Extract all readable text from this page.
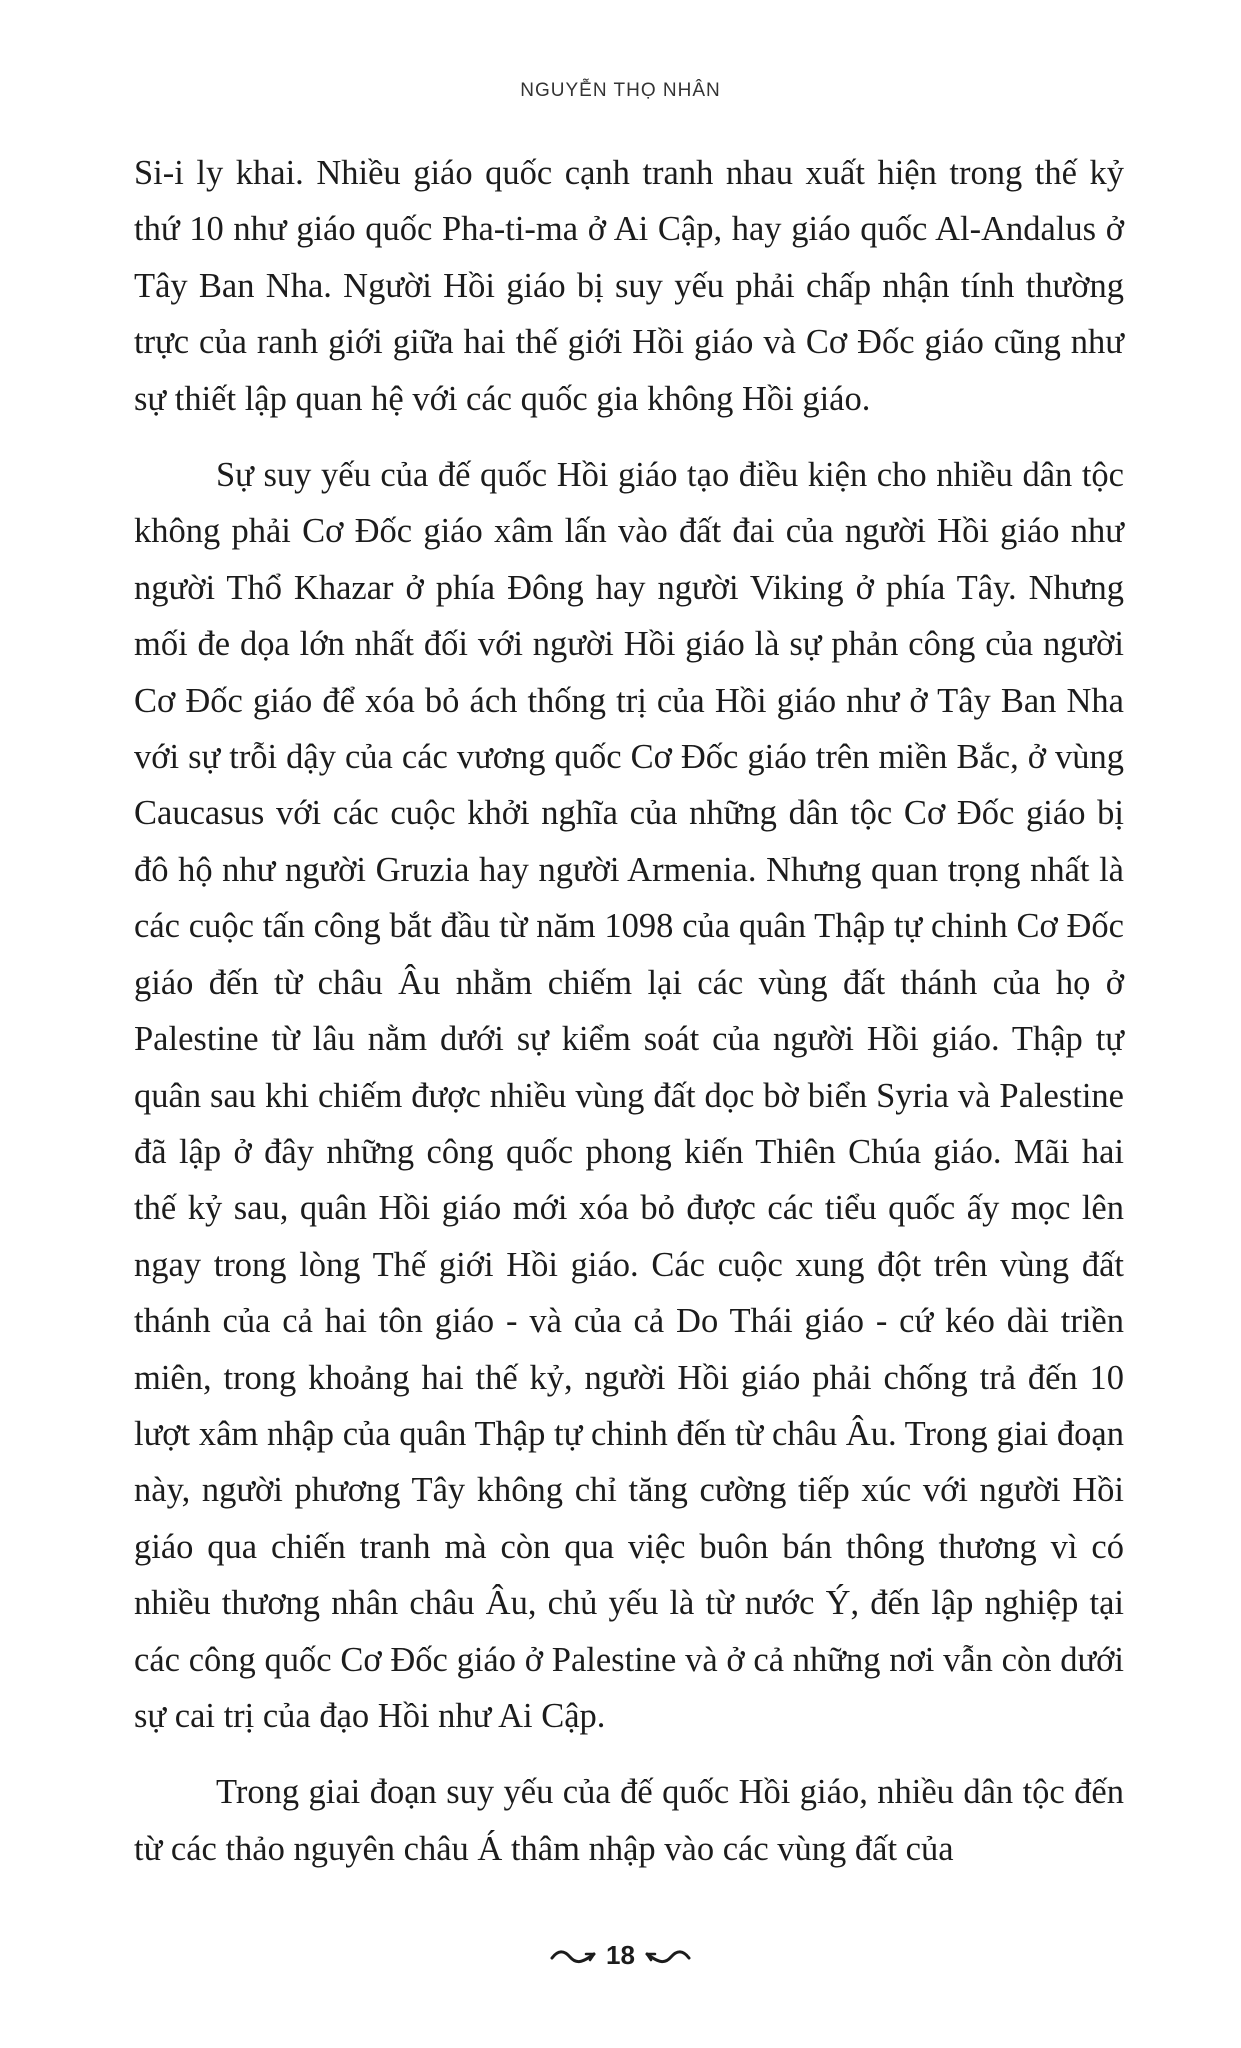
NGUYỄN THỌ NHÂN

Si-i ly khai. Nhiều giáo quốc cạnh tranh nhau xuất hiện trong thế kỷ thứ 10 như giáo quốc Pha-ti-ma ở Ai Cập, hay giáo quốc Al-Andalus ở Tây Ban Nha. Người Hồi giáo bị suy yếu phải chấp nhận tính thường trực của ranh giới giữa hai thế giới Hồi giáo và Cơ Đốc giáo cũng như sự thiết lập quan hệ với các quốc gia không Hồi giáo.

Sự suy yếu của đế quốc Hồi giáo tạo điều kiện cho nhiều dân tộc không phải Cơ Đốc giáo xâm lấn vào đất đai của người Hồi giáo như người Thổ Khazar ở phía Đông hay người Viking ở phía Tây. Nhưng mối đe dọa lớn nhất đối với người Hồi giáo là sự phản công của người Cơ Đốc giáo để xóa bỏ ách thống trị của Hồi giáo như ở Tây Ban Nha với sự trỗi dậy của các vương quốc Cơ Đốc giáo trên miền Bắc, ở vùng Caucasus với các cuộc khởi nghĩa của những dân tộc Cơ Đốc giáo bị đô hộ như người Gruzia hay người Armenia. Nhưng quan trọng nhất là các cuộc tấn công bắt đầu từ năm 1098 của quân Thập tự chinh Cơ Đốc giáo đến từ châu Âu nhằm chiếm lại các vùng đất thánh của họ ở Palestine từ lâu nằm dưới sự kiểm soát của người Hồi giáo. Thập tự quân sau khi chiếm được nhiều vùng đất dọc bờ biển Syria và Palestine đã lập ở đây những công quốc phong kiến Thiên Chúa giáo. Mãi hai thế kỷ sau, quân Hồi giáo mới xóa bỏ được các tiểu quốc ấy mọc lên ngay trong lòng Thế giới Hồi giáo. Các cuộc xung đột trên vùng đất thánh của cả hai tôn giáo - và của cả Do Thái giáo - cứ kéo dài triền miên, trong khoảng hai thế kỷ, người Hồi giáo phải chống trả đến 10 lượt xâm nhập của quân Thập tự chinh đến từ châu Âu. Trong giai đoạn này, người phương Tây không chỉ tăng cường tiếp xúc với người Hồi giáo qua chiến tranh mà còn qua việc buôn bán thông thương vì có nhiều thương nhân châu Âu, chủ yếu là từ nước Ý, đến lập nghiệp tại các công quốc Cơ Đốc giáo ở Palestine và ở cả những nơi vẫn còn dưới sự cai trị của đạo Hồi như Ai Cập.

Trong giai đoạn suy yếu của đế quốc Hồi giáo, nhiều dân tộc đến từ các thảo nguyên châu Á thâm nhập vào các vùng đất của

18
